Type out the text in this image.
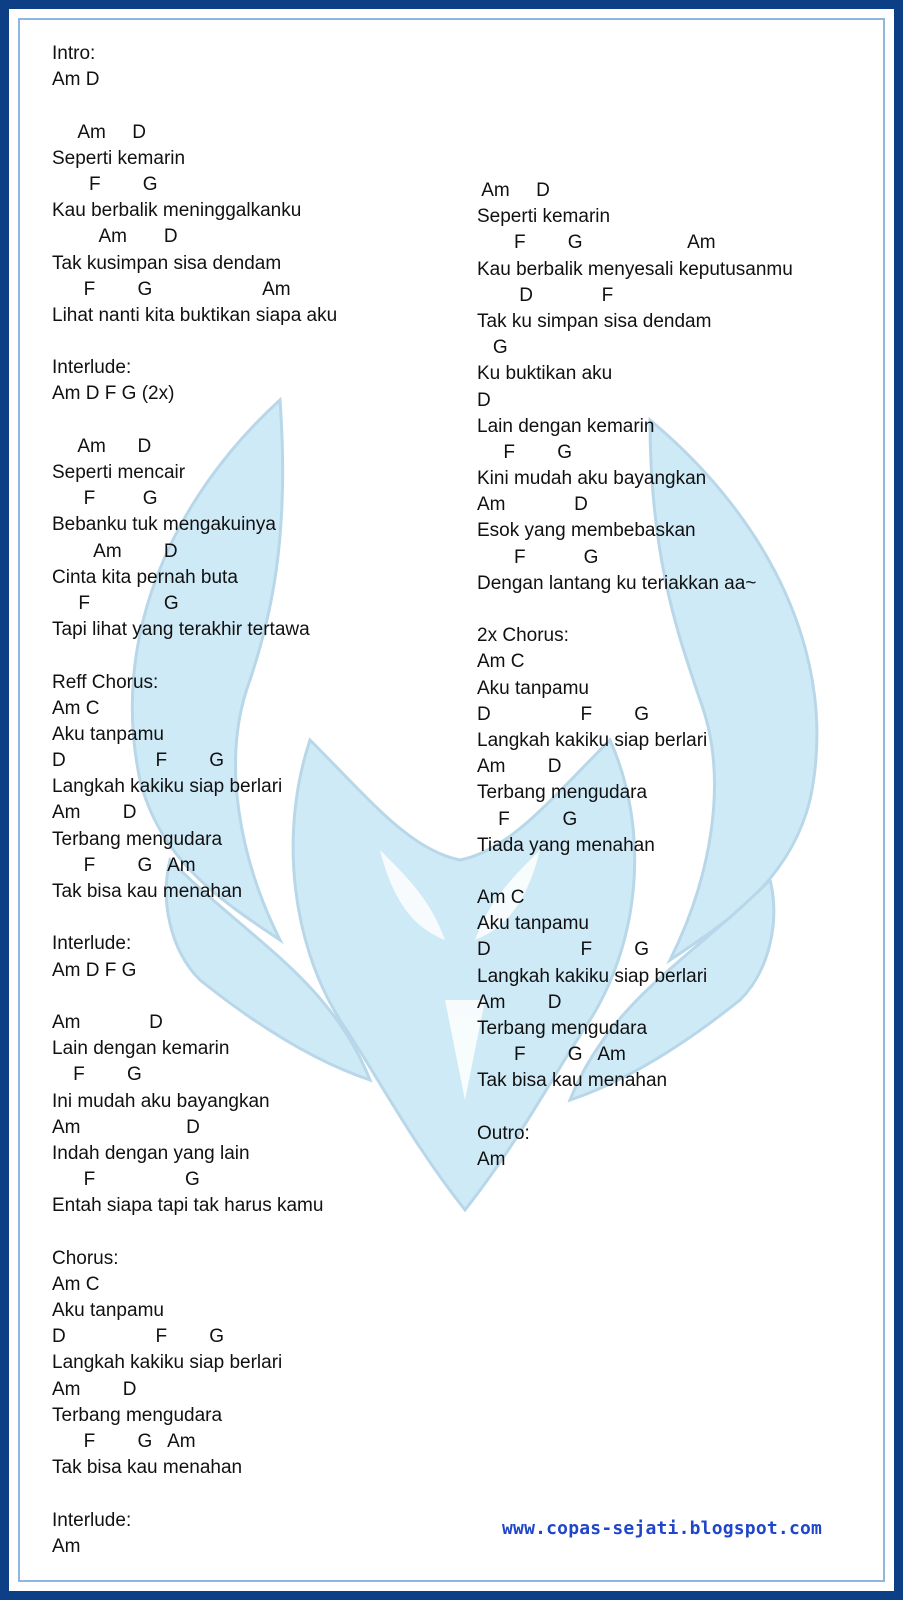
Intro:
Am D
Am     D
Seperti kemarin
F        G
Kau berbalik meninggalkanku
Am       D
Tak kusimpan sisa dendam
F        G                     Am
Lihat nanti kita buktikan siapa aku
Interlude:
Am D F G (2x)
Am      D
Seperti mencair
F         G
Bebanku tuk mengakuinya
Am        D
Cinta kita pernah buta
F              G
Tapi lihat yang terakhir tertawa
Reff Chorus:
Am C
Aku tanpamu
D                 F        G
Langkah kakiku siap berlari
Am        D
Terbang mengudara
F        G   Am
Tak bisa kau menahan
Interlude:
Am D F G
Am             D
Lain dengan kemarin
F        G
Ini mudah aku bayangkan
Am                    D
Indah dengan yang lain
F                 G
Entah siapa tapi tak harus kamu
Chorus:
Am C
Aku tanpamu
D                 F        G
Langkah kakiku siap berlari
Am        D
Terbang mengudara
F        G   Am
Tak bisa kau menahan
Interlude:
Am
Am     D
Seperti kemarin
F        G                    Am
Kau berbalik menyesali keputusanmu
D             F
Tak ku simpan sisa dendam
G
Ku buktikan aku
D
Lain dengan kemarin
F        G
Kini mudah aku bayangkan
Am             D
Esok yang membebaskan
F           G
Dengan lantang ku teriakkan aa~
2x Chorus:
Am C
Aku tanpamu
D                 F        G
Langkah kakiku siap berlari
Am        D
Terbang mengudara
F          G
Tiada yang menahan
Am C
Aku tanpamu
D                 F        G
Langkah kakiku siap berlari
Am        D
Terbang mengudara
F        G   Am
Tak bisa kau menahan
Outro:
Am
www.copas-sejati.blogspot.com
